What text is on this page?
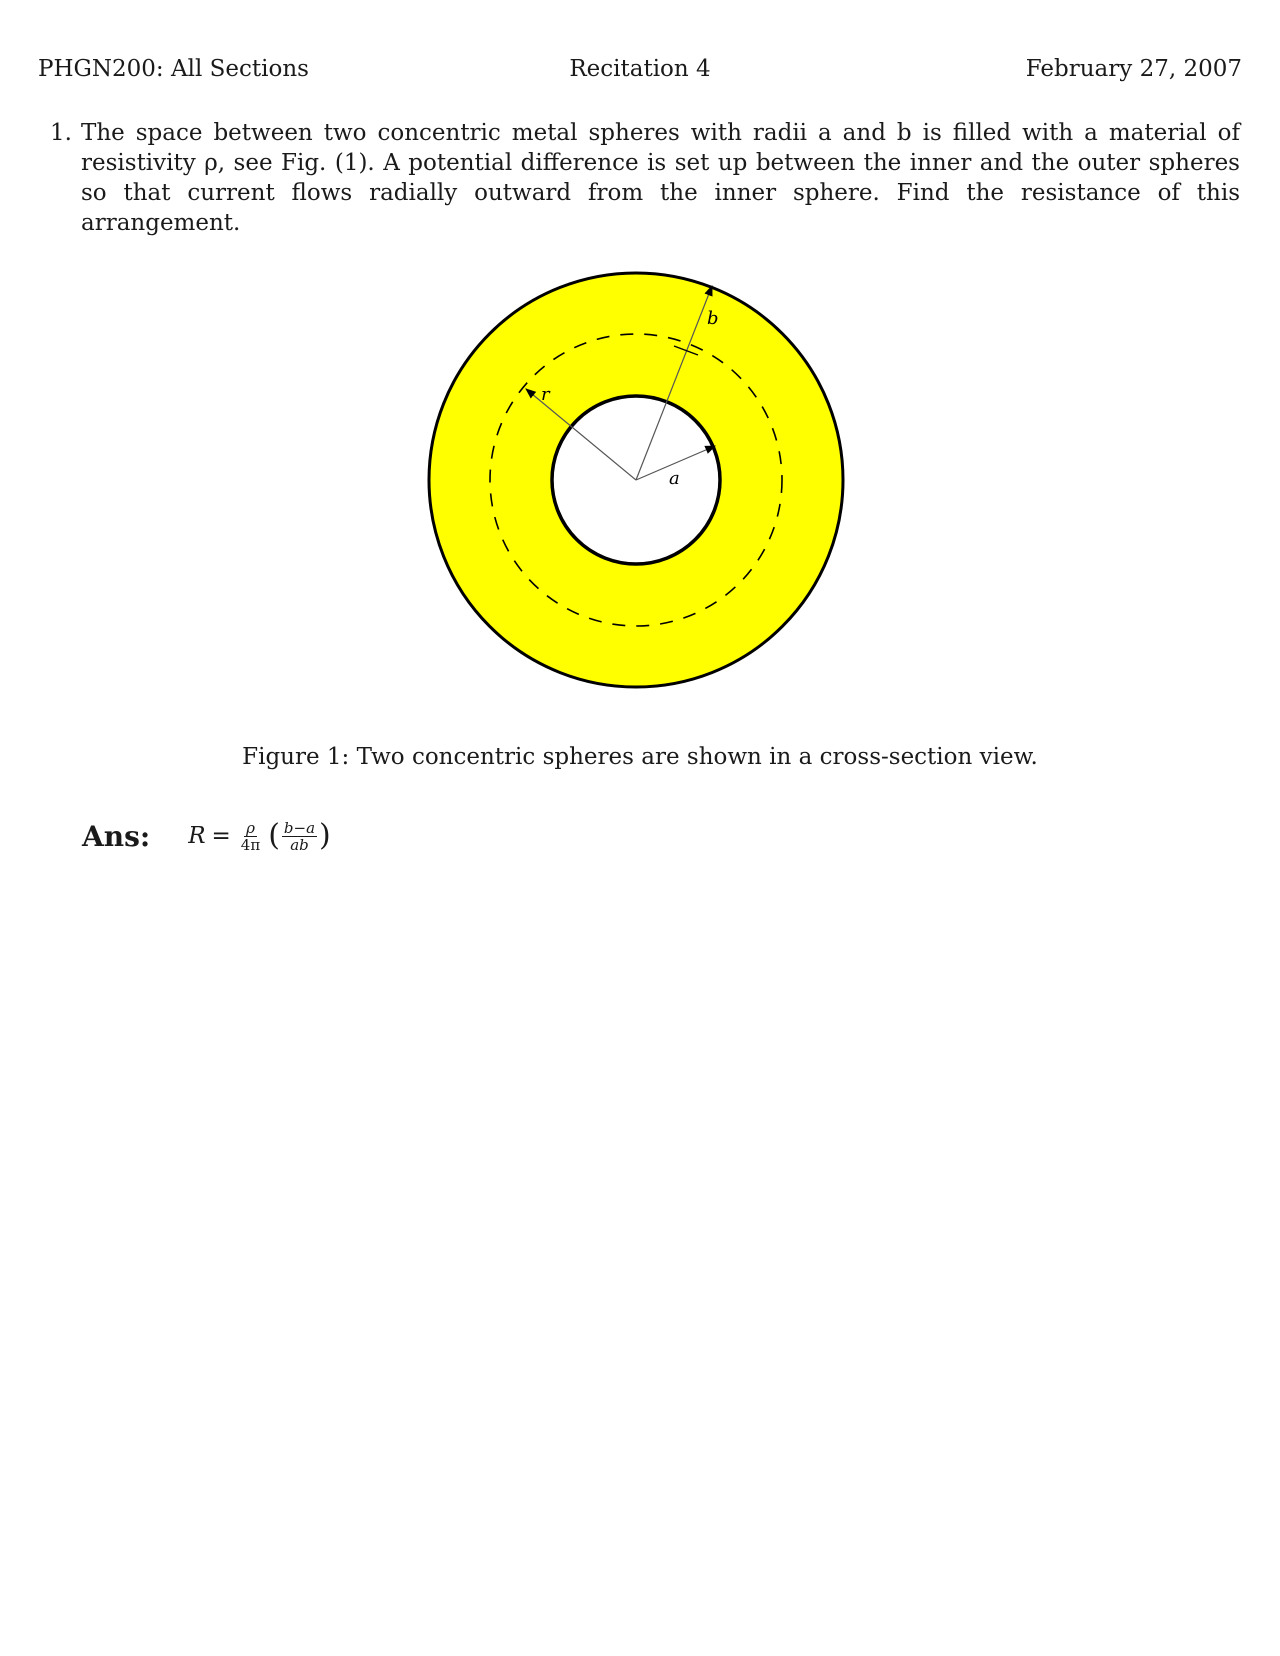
PHGN200: All Sections	Recitation 4	February 27, 2007
1. The space between two concentric metal spheres with radii a and b is filled with a material of resistivity ρ, see Fig. (1). A potential difference is set up between the inner and the outer spheres so that current flows radially outward from the inner sphere. Find the resistance of this arrangement.
b
a
r
Figure 1: Two concentric spheres are shown in a cross-section view.
Ans: $R = \frac{\rho}{4\pi}$ ( $\frac{b-a}{ab}$ )
